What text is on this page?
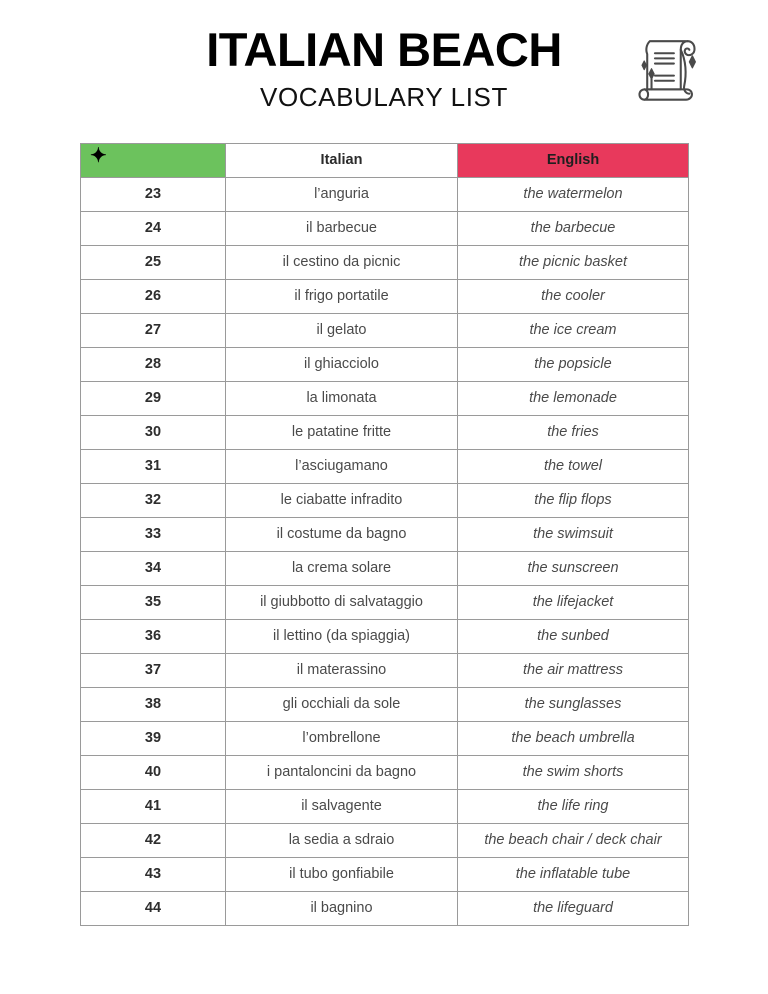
ITALIAN BEACH
VOCABULARY LIST
✦	Italian	English
23	l’anguria	the watermelon
24	il barbecue	the barbecue
25	il cestino da picnic	the picnic basket
26	il frigo portatile	the cooler
27	il gelato	the ice cream
28	il ghiacciolo	the popsicle
29	la limonata	the lemonade
30	le patatine fritte	the fries
31	l’asciugamano	the towel
32	le ciabatte infradito	the flip flops
33	il costume da bagno	the swimsuit
34	la crema solare	the sunscreen
35	il giubbotto di salvataggio	the lifejacket
36	il lettino (da spiaggia)	the sunbed
37	il materassino	the air mattress
38	gli occhiali da sole	the sunglasses
39	l’ombrellone	the beach umbrella
40	i pantaloncini da bagno	the swim shorts
41	il salvagente	the life ring
42	la sedia a sdraio	the beach chair / deck chair
43	il tubo gonfiabile	the inflatable tube
44	il bagnino	the lifeguard
